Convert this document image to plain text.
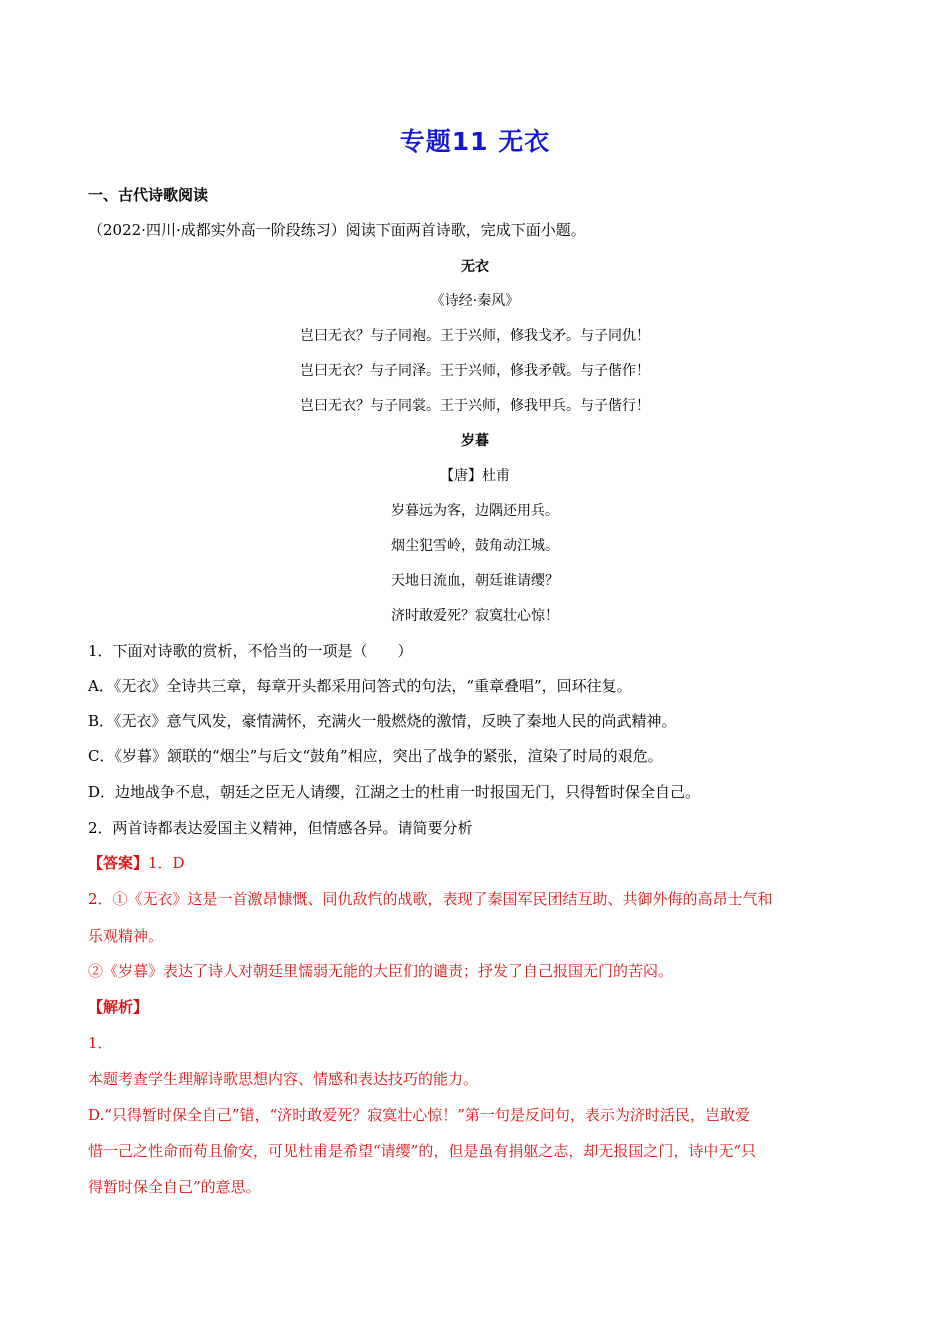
专题11 无衣
一、古代诗歌阅读
（2022·四川·成都实外高一阶段练习）阅读下面两首诗歌，完成下面小题。
无衣
《诗经·秦风》
岂曰无衣？与子同袍。王于兴师，修我戈矛。与子同仇！
岂曰无衣？与子同泽。王于兴师，修我矛戟。与子偕作！
岂曰无衣？与子同裳。王于兴师，修我甲兵。与子偕行！
岁暮
【唐】杜甫
岁暮远为客，边隅还用兵。
烟尘犯雪岭，鼓角动江城。
天地日流血，朝廷谁请缨？
济时敢爱死？寂寞壮心惊！
1．下面对诗歌的赏析，不恰当的一项是（　　）
A．《无衣》全诗共三章，每章开头都采用问答式的句法，“重章叠唱”，回环往复。
B．《无衣》意气风发，豪情满怀，充满火一般燃烧的激情，反映了秦地人民的尚武精神。
C．《岁暮》颔联的“烟尘”与后文“鼓角”相应，突出了战争的紧张，渲染了时局的艰危。
D．边地战争不息，朝廷之臣无人请缨，江湖之士的杜甫一时报国无门，只得暂时保全自己。
2．两首诗都表达爱国主义精神，但情感各异。请简要分析
【答案】1．D
2．①《无衣》这是一首激昂慷慨、同仇敌忾的战歌，表现了秦国军民团结互助、共御外侮的高昂士气和
乐观精神。
②《岁暮》表达了诗人对朝廷里懦弱无能的大臣们的谴责；抒发了自己报国无门的苦闷。
【解析】
1．
本题考查学生理解诗歌思想内容、情感和表达技巧的能力。
D.“只得暂时保全自己”错，“济时敢爱死？寂寞壮心惊！”第一句是反问句，表示为济时活民，岂敢爱
惜一己之性命而苟且偷安，可见杜甫是希望“请缨”的，但是虽有捐躯之志，却无报国之门，诗中无“只
得暂时保全自己”的意思。
